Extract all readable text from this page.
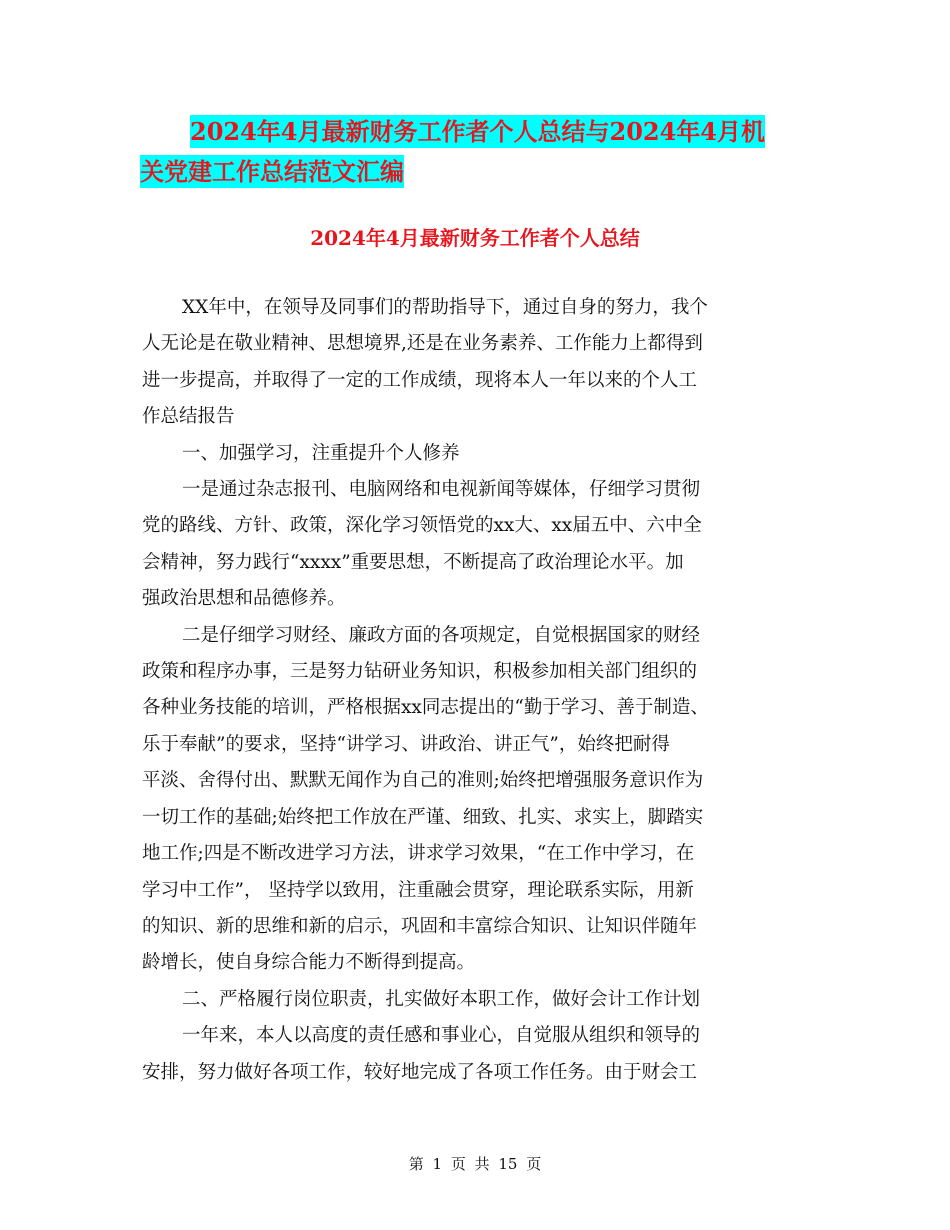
2024年4月最新财务工作者个人总结与2024年4月机
关党建工作总结范文汇编
2024年4月最新财务工作者个人总结
XX年中，在领导及同事们的帮助指导下，通过自身的努力，我个
人无论是在敬业精神、思想境界,还是在业务素养、工作能力上都得到
进一步提高，并取得了一定的工作成绩，现将本人一年以来的个人工
作总结报告
一、加强学习，注重提升个人修养
一是通过杂志报刊、电脑网络和电视新闻等媒体，仔细学习贯彻
党的路线、方针、政策，深化学习领悟党的xx大、xx届五中、六中全
会精神，努力践行“xxxx”重要思想，不断提高了政治理论水平。加
强政治思想和品德修养。
二是仔细学习财经、廉政方面的各项规定，自觉根据国家的财经
政策和程序办事，三是努力钻研业务知识，积极参加相关部门组织的
各种业务技能的培训，严格根据xx同志提出的“勤于学习、善于制造、
乐于奉献”的要求，坚持“讲学习、讲政治、讲正气”，始终把耐得
平淡、舍得付出、默默无闻作为自己的准则;始终把增强服务意识作为
一切工作的基础;始终把工作放在严谨、细致、扎实、求实上，脚踏实
地工作;四是不断改进学习方法，讲求学习效果，“在工作中学习，在
学习中工作”， 坚持学以致用，注重融会贯穿，理论联系实际，用新
的知识、新的思维和新的启示，巩固和丰富综合知识、让知识伴随年
龄增长，使自身综合能力不断得到提高。
二、严格履行岗位职责，扎实做好本职工作，做好会计工作计划
一年来，本人以高度的责任感和事业心，自觉服从组织和领导的
安排，努力做好各项工作，较好地完成了各项工作任务。由于财会工
第 1 页 共 15 页
